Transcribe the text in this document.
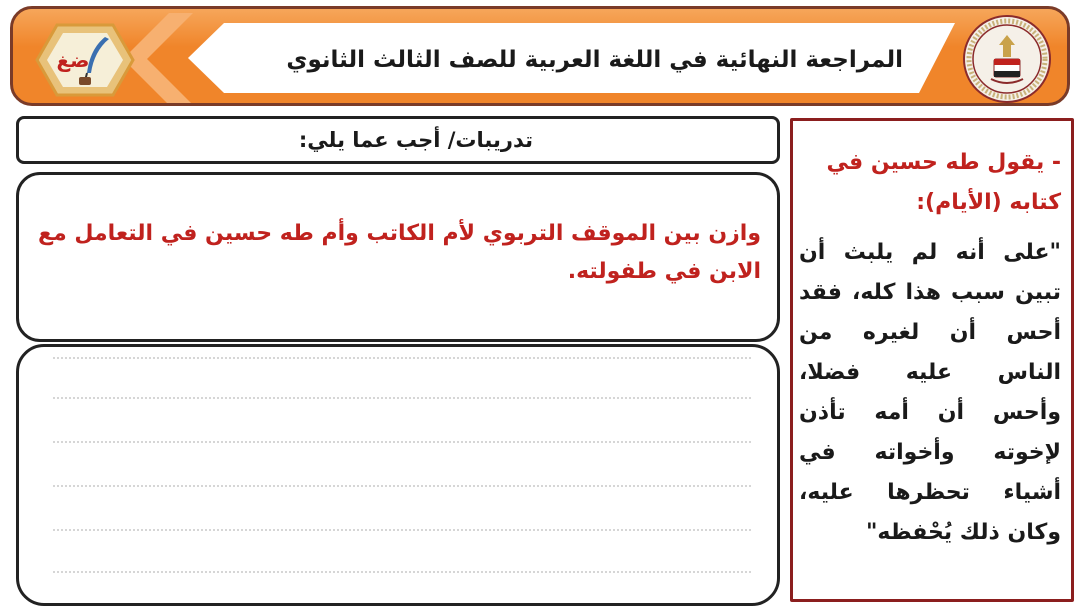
المراجعة النهائية في اللغة العربية للصف الثالث الثانوي
ضغ
تدريبات/ أجب عما يلي:
وازن بين الموقف التربوي لأم الكاتب وأم طه حسين في التعامل مع الابن في طفولته.
- يقول طه حسين في كتابه (الأيام):
"على أنه لم يلبث أن تبين سبب هذا كله، فقد أحس أن لغيره من الناس عليه فضلا، وأحس أن أمه تأذن لإخوته وأخواته في أشياء تحظرها عليه، وكان ذلك يُحْفظه"
